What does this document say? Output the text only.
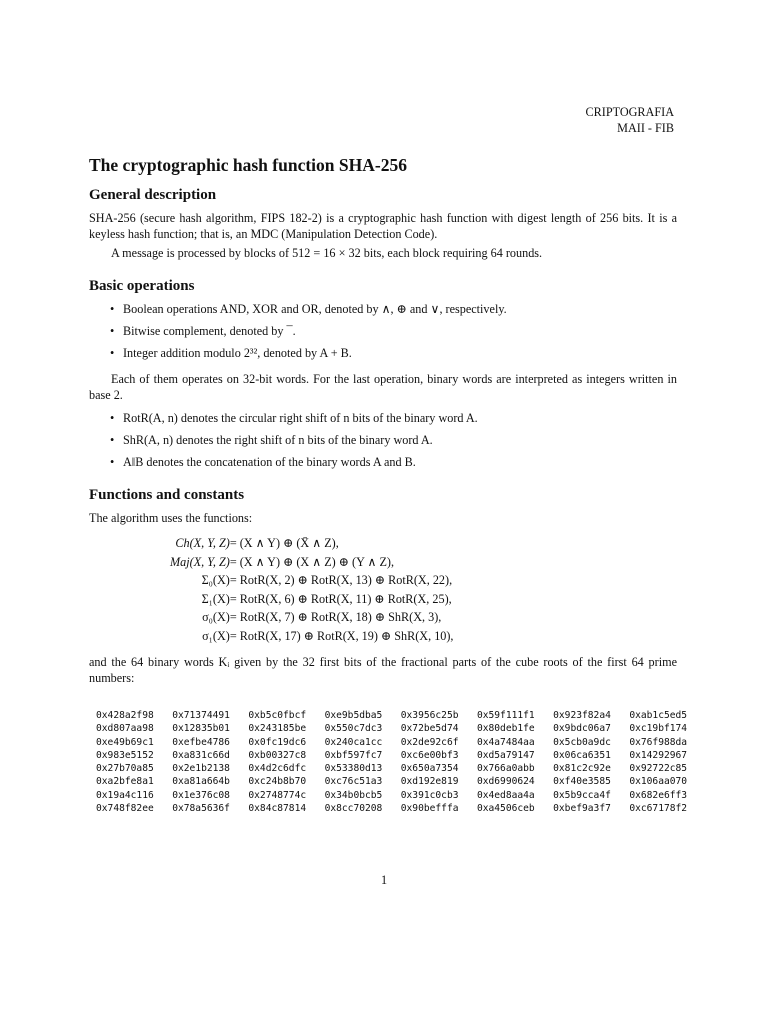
CRIPTOGRAFIA
MAII - FIB
The cryptographic hash function SHA-256
General description

SHA-256 (secure hash algorithm, FIPS 182-2) is a cryptographic hash function with digest length of 256 bits. It is a keyless hash function; that is, an MDC (Manipulation Detection Code).

A message is processed by blocks of 512 = 16 × 32 bits, each block requiring 64 rounds.

Basic operations
• Boolean operations AND, XOR and OR, denoted by ∧, ⊕ and ∨, respectively.
• Bitwise complement, denoted by ¯.
• Integer addition modulo 2³², denoted by A + B.

Each of them operates on 32-bit words. For the last operation, binary words are interpreted as integers written in base 2.

• RotR(A, n) denotes the circular right shift of n bits of the binary word A.
• ShR(A, n) denotes the right shift of n bits of the binary word A.
• A‖B denotes the concatenation of the binary words A and B.
Functions and constants

The algorithm uses the functions:

Ch(X, Y, Z)	= (X ∧ Y) ⊕ (X̄ ∧ Z),
Maj(X, Y, Z)	= (X ∧ Y) ⊕ (X ∧ Z) ⊕ (Y ∧ Z),
Σ₀(X)	= RotR(X, 2) ⊕ RotR(X, 13) ⊕ RotR(X, 22),
Σ₁(X)	= RotR(X, 6) ⊕ RotR(X, 11) ⊕ RotR(X, 25),
σ₀(X)	= RotR(X, 7) ⊕ RotR(X, 18) ⊕ ShR(X, 3),
σ₁(X)	= RotR(X, 17) ⊕ RotR(X, 19) ⊕ ShR(X, 10),

and the 64 binary words Kᵢ given by the 32 first bits of the fractional parts of the cube roots of the first 64 prime numbers:

0x428a2f98	0x71374491	0xb5c0fbcf	0xe9b5dba5	0x3956c25b	0x59f111f1	0x923f82a4	0xab1c5ed5
0xd807aa98	0x12835b01	0x243185be	0x550c7dc3	0x72be5d74	0x80deb1fe	0x9bdc06a7	0xc19bf174
0xe49b69c1	0xefbe4786	0x0fc19dc6	0x240ca1cc	0x2de92c6f	0x4a7484aa	0x5cb0a9dc	0x76f988da
0x983e5152	0xa831c66d	0xb00327c8	0xbf597fc7	0xc6e00bf3	0xd5a79147	0x06ca6351	0x14292967
0x27b70a85	0x2e1b2138	0x4d2c6dfc	0x53380d13	0x650a7354	0x766a0abb	0x81c2c92e	0x92722c85
0xa2bfe8a1	0xa81a664b	0xc24b8b70	0xc76c51a3	0xd192e819	0xd6990624	0xf40e3585	0x106aa070
0x19a4c116	0x1e376c08	0x2748774c	0x34b0bcb5	0x391c0cb3	0x4ed8aa4a	0x5b9cca4f	0x682e6ff3
0x748f82ee	0x78a5636f	0x84c87814	0x8cc70208	0x90befffa	0xa4506ceb	0xbef9a3f7	0xc67178f2
1
